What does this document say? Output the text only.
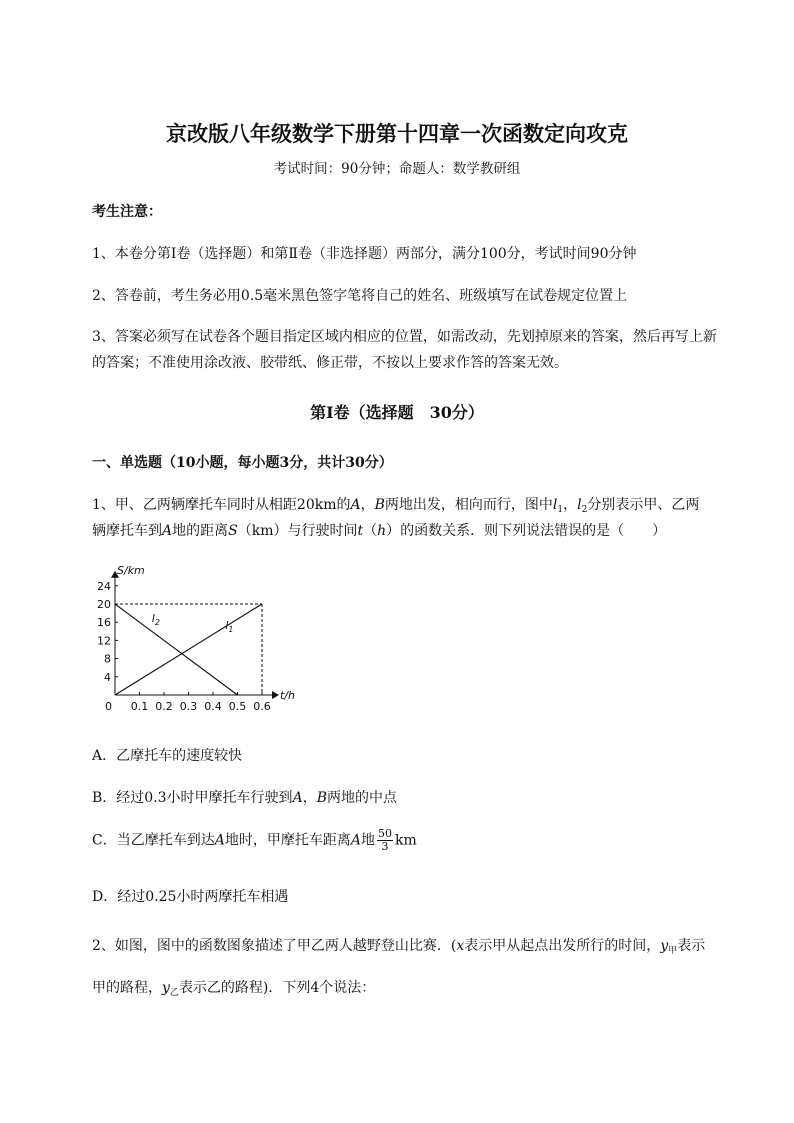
京改版八年级数学下册第十四章一次函数定向攻克
考试时间：90分钟；命题人：数学教研组
考生注意：
1、本卷分第Ⅰ卷（选择题）和第Ⅱ卷（非选择题）两部分，满分100分，考试时间90分钟
2、答卷前，考生务必用0.5毫米黑色签字笔将自己的姓名、班级填写在试卷规定位置上
3、答案必须写在试卷各个题目指定区域内相应的位置，如需改动，先划掉原来的答案，然后再写上新
的答案；不准使用涂改液、胶带纸、修正带，不按以上要求作答的答案无效。
第Ⅰ卷（选择题　30分）
一、单选题（10小题，每小题3分，共计30分）
1、甲、乙两辆摩托车同时从相距20km的A，B两地出发，相向而行，图中$l_1$，$l_2$分别表示甲、乙两
辆摩托车到A地的距离S（km）与行驶时间t（h）的函数关系．则下列说法错误的是（　　）
S/km
t/h
0 0.1 0.2 0.3 0.4 0.5 0.6
4
8
12
16
20
24
$l_1$
$l_2$
A．乙摩托车的速度较快
B．经过0.3小时甲摩托车行驶到A，B两地的中点
C．当乙摩托车到达A地时，甲摩托车距离A地 $\frac{50}{3}$ km
D．经过0.25小时两摩托车相遇
2、如图，图中的函数图象描述了甲乙两人越野登山比赛．(x表示甲从起点出发所行的时间，$y_甲$表示
甲的路程，$y_乙$表示乙的路程)．下列4个说法：
